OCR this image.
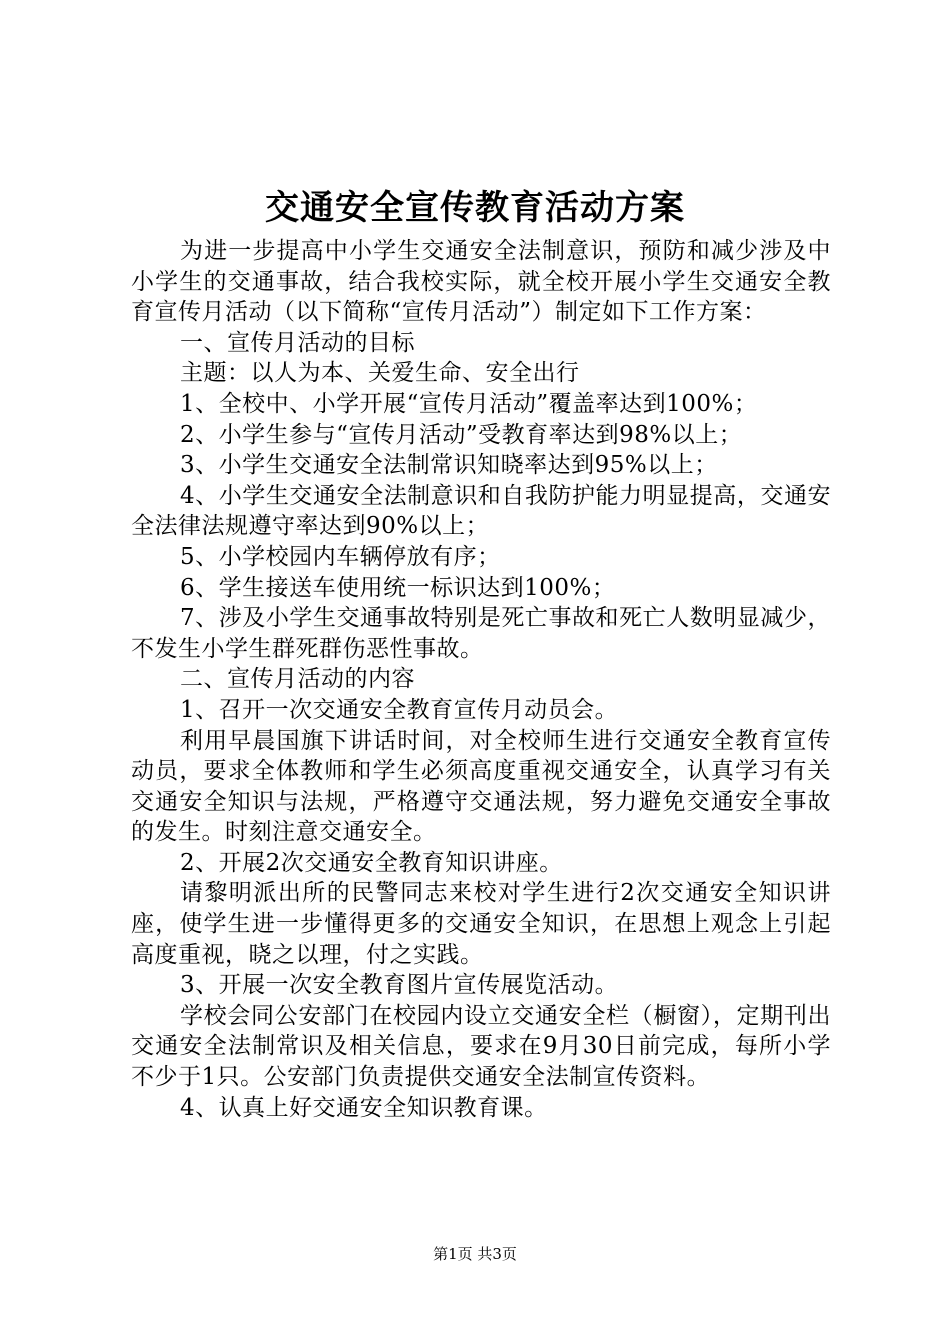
交通安全宣传教育活动方案

为进一步提高中小学生交通安全法制意识，预防和减少涉及中小学生的交通事故，结合我校实际，就全校开展小学生交通安全教育宣传月活动（以下简称“宣传月活动”）制定如下工作方案：

一、宣传月活动的目标

主题：以人为本、关爱生命、安全出行

1、全校中、小学开展“宣传月活动”覆盖率达到100%；

2、小学生参与“宣传月活动”受教育率达到98%以上；

3、小学生交通安全法制常识知晓率达到95%以上；

4、小学生交通安全法制意识和自我防护能力明显提高，交通安全法律法规遵守率达到90%以上；

5、小学校园内车辆停放有序；

6、学生接送车使用统一标识达到100%；

7、涉及小学生交通事故特别是死亡事故和死亡人数明显减少，不发生小学生群死群伤恶性事故。

二、宣传月活动的内容

1、召开一次交通安全教育宣传月动员会。

利用早晨国旗下讲话时间，对全校师生进行交通安全教育宣传动员，要求全体教师和学生必须高度重视交通安全，认真学习有关交通安全知识与法规，严格遵守交通法规，努力避免交通安全事故的发生。时刻注意交通安全。

2、开展2次交通安全教育知识讲座。

请黎明派出所的民警同志来校对学生进行2次交通安全知识讲座，使学生进一步懂得更多的交通安全知识，在思想上观念上引起高度重视，晓之以理，付之实践。

3、开展一次安全教育图片宣传展览活动。

学校会同公安部门在校园内设立交通安全栏（橱窗），定期刊出交通安全法制常识及相关信息，要求在9月30日前完成，每所小学不少于1只。公安部门负责提供交通安全法制宣传资料。

4、认真上好交通安全知识教育课。

第1页 共3页
